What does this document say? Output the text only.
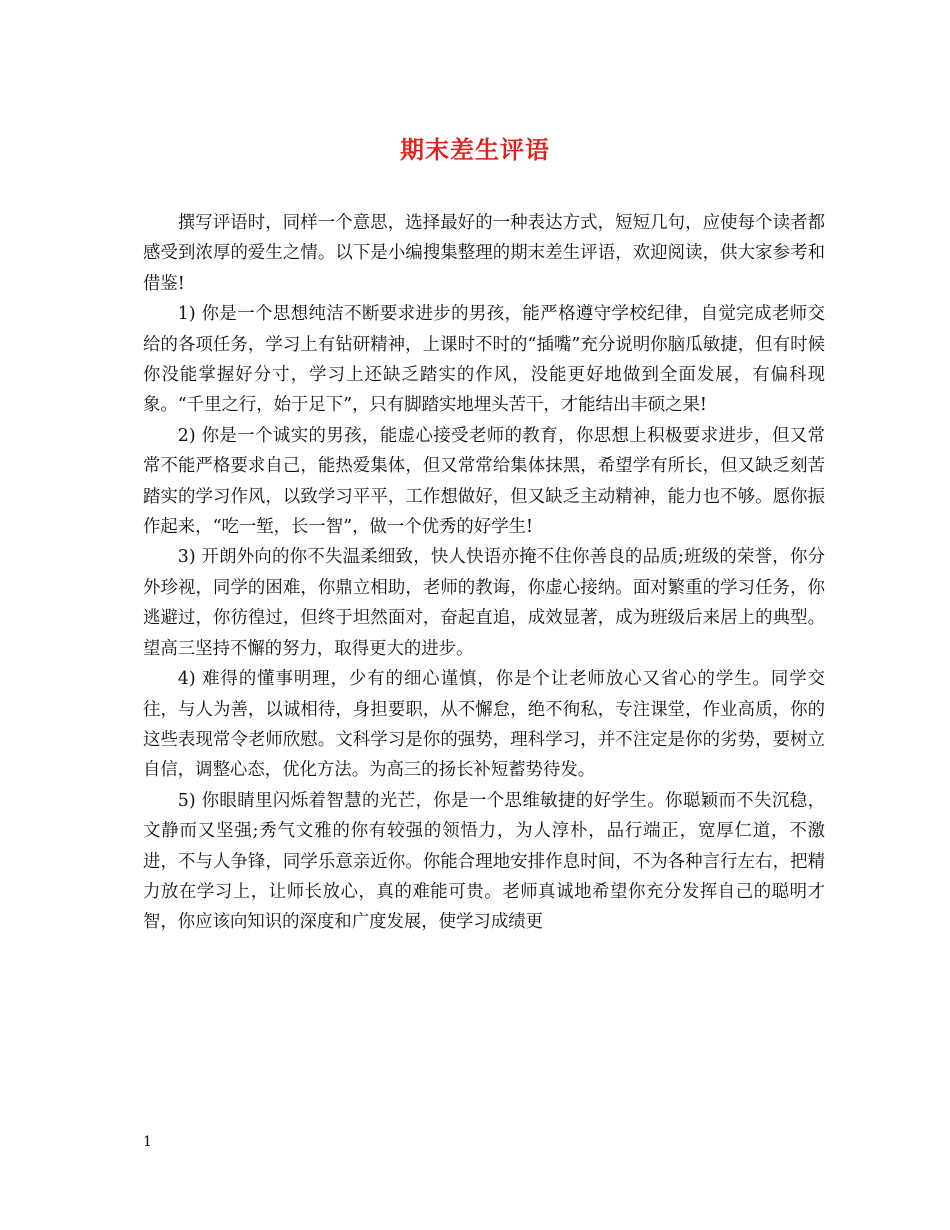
期末差生评语

撰写评语时，同样一个意思，选择最好的一种表达方式，短短几句，应使每个读者都感受到浓厚的爱生之情。以下是小编搜集整理的期末差生评语，欢迎阅读，供大家参考和借鉴!

1) 你是一个思想纯洁不断要求进步的男孩，能严格遵守学校纪律，自觉完成老师交给的各项任务，学习上有钻研精神，上课时不时的“插嘴”充分说明你脑瓜敏捷，但有时候你没能掌握好分寸，学习上还缺乏踏实的作风，没能更好地做到全面发展，有偏科现象。“千里之行，始于足下”，只有脚踏实地埋头苦干，才能结出丰硕之果!

2) 你是一个诚实的男孩，能虚心接受老师的教育，你思想上积极要求进步，但又常常不能严格要求自己，能热爱集体，但又常常给集体抹黑，希望学有所长，但又缺乏刻苦踏实的学习作风，以致学习平平，工作想做好，但又缺乏主动精神，能力也不够。愿你振作起来，“吃一堑，长一智”，做一个优秀的好学生!

3) 开朗外向的你不失温柔细致，快人快语亦掩不住你善良的品质;班级的荣誉，你分外珍视，同学的困难，你鼎立相助，老师的教诲，你虚心接纳。面对繁重的学习任务，你逃避过，你彷徨过，但终于坦然面对，奋起直追，成效显著，成为班级后来居上的典型。望高三坚持不懈的努力，取得更大的进步。

4) 难得的懂事明理，少有的细心谨慎，你是个让老师放心又省心的学生。同学交往，与人为善，以诚相待，身担要职，从不懈怠，绝不徇私，专注课堂，作业高质，你的这些表现常令老师欣慰。文科学习是你的强势，理科学习，并不注定是你的劣势，要树立自信，调整心态，优化方法。为高三的扬长补短蓄势待发。

5) 你眼睛里闪烁着智慧的光芒，你是一个思维敏捷的好学生。你聪颖而不失沉稳，文静而又坚强;秀气文雅的你有较强的领悟力，为人淳朴，品行端正，宽厚仁道，不激进，不与人争锋，同学乐意亲近你。你能合理地安排作息时间，不为各种言行左右，把精力放在学习上，让师长放心，真的难能可贵。老师真诚地希望你充分发挥自己的聪明才智，你应该向知识的深度和广度发展，使学习成绩更

1
